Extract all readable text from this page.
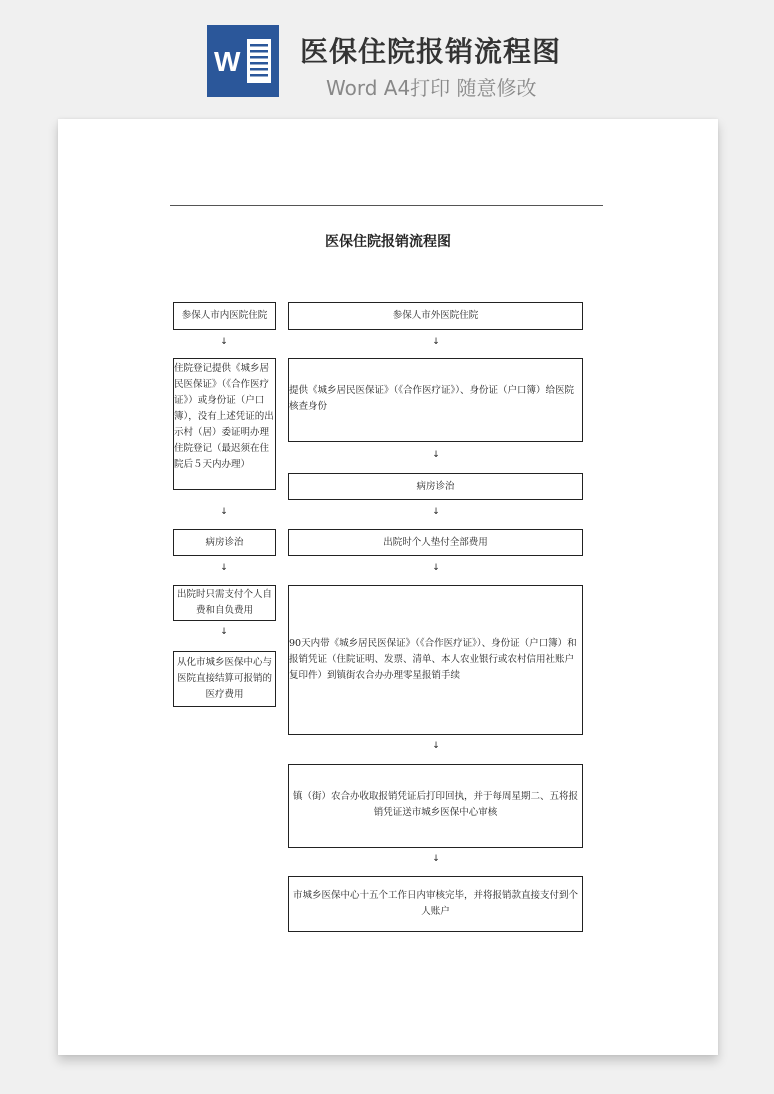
W 医保住院报销流程图
Word A4打印 随意修改
医保住院报销流程图
参保人市内医院住院
↓
住院登记提供《城乡居民医保证》（《合作医疗证》）或身份证（户口簿），没有上述凭证的出示村（居）委证明办理住院登记（最迟须在住院后５天内办理）
↓
病房诊治
↓
出院时只需支付个人自费和自负费用
↓
从化市城乡医保中心与医院直接结算可报销的医疗费用
参保人市外医院住院
↓
提供《城乡居民医保证》（《合作医疗证》）、身份证（户口簿）给医院核查身份
↓
病房诊治
↓
出院时个人垫付全部费用
↓
90天内带《城乡居民医保证》（《合作医疗证》）、身份证（户口簿）和报销凭证（住院证明、发票、清单、本人农业银行或农村信用社账户复印件）到镇街农合办办理零星报销手续
↓
镇（街）农合办收取报销凭证后打印回执，并于每周星期二、五将报销凭证送市城乡医保中心审核
↓
市城乡医保中心十五个工作日内审核完毕，并将报销款直接支付到个人账户
